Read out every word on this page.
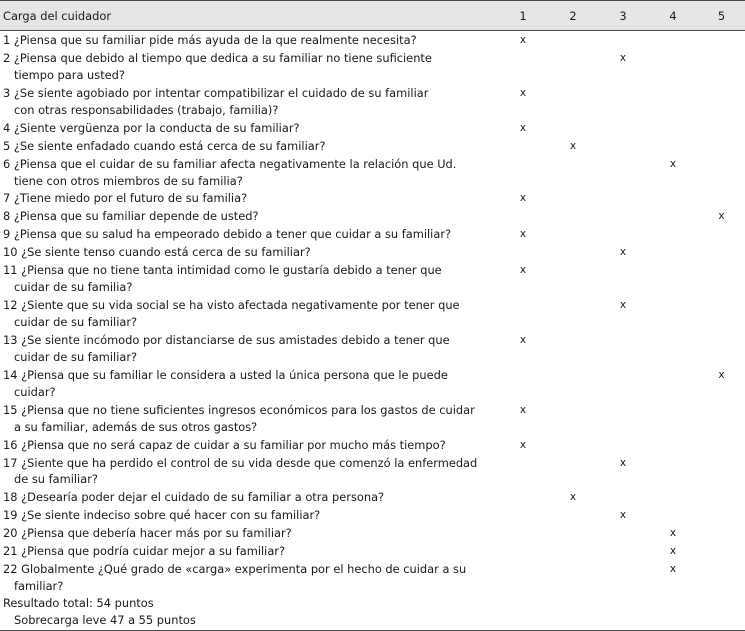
Carga del cuidador	1	2	3	4	5

1 ¿Piensa que su familiar pide más ayuda de la que realmente necesita?	x				

2 ¿Piensa que debido al tiempo que dedica a su familiar no tiene suficiente
tiempo para usted?			x		

3 ¿Se siente agobiado por intentar compatibilizar el cuidado de su familiar
con otras responsabilidades (trabajo, familia)?	x				

4 ¿Siente vergüenza por la conducta de su familiar?	x				

5 ¿Se siente enfadado cuando está cerca de su familiar?		x			

6 ¿Piensa que el cuidar de su familiar afecta negativamente la relación que Ud.
tiene con otros miembros de su familia?				x	

7 ¿Tiene miedo por el futuro de su familia?	x				

8 ¿Piensa que su familiar depende de usted?					x

9 ¿Piensa que su salud ha empeorado debido a tener que cuidar a su familiar?	x				

10 ¿Se siente tenso cuando está cerca de su familiar?			x		

11 ¿Piensa que no tiene tanta intimidad como le gustaría debido a tener que
cuidar de su familia?	x				

12 ¿Siente que su vida social se ha visto afectada negativamente por tener que
cuidar de su familiar?			x		

13 ¿Se siente incómodo por distanciarse de sus amistades debido a tener que
cuidar de su familiar?	x				

14 ¿Piensa que su familiar le considera a usted la única persona que le puede
cuidar?					x

15 ¿Piensa que no tiene suficientes ingresos económicos para los gastos de cuidar
a su familiar, además de sus otros gastos?	x				

16 ¿Piensa que no será capaz de cuidar a su familiar por mucho más tiempo?	x				

17 ¿Siente que ha perdido el control de su vida desde que comenzó la enfermedad
de su familiar?			x		

18 ¿Desearía poder dejar el cuidado de su familiar a otra persona?		x			

19 ¿Se siente indeciso sobre qué hacer con su familiar?			x		

20 ¿Piensa que debería hacer más por su familiar?				x	

21 ¿Piensa que podría cuidar mejor a su familiar?				x	

22 Globalmente ¿Qué grado de «carga» experimenta por el hecho de cuidar a su
familiar?				x	
Resultado total: 54 puntos					

Sobrecarga leve 47 a 55 puntos					
